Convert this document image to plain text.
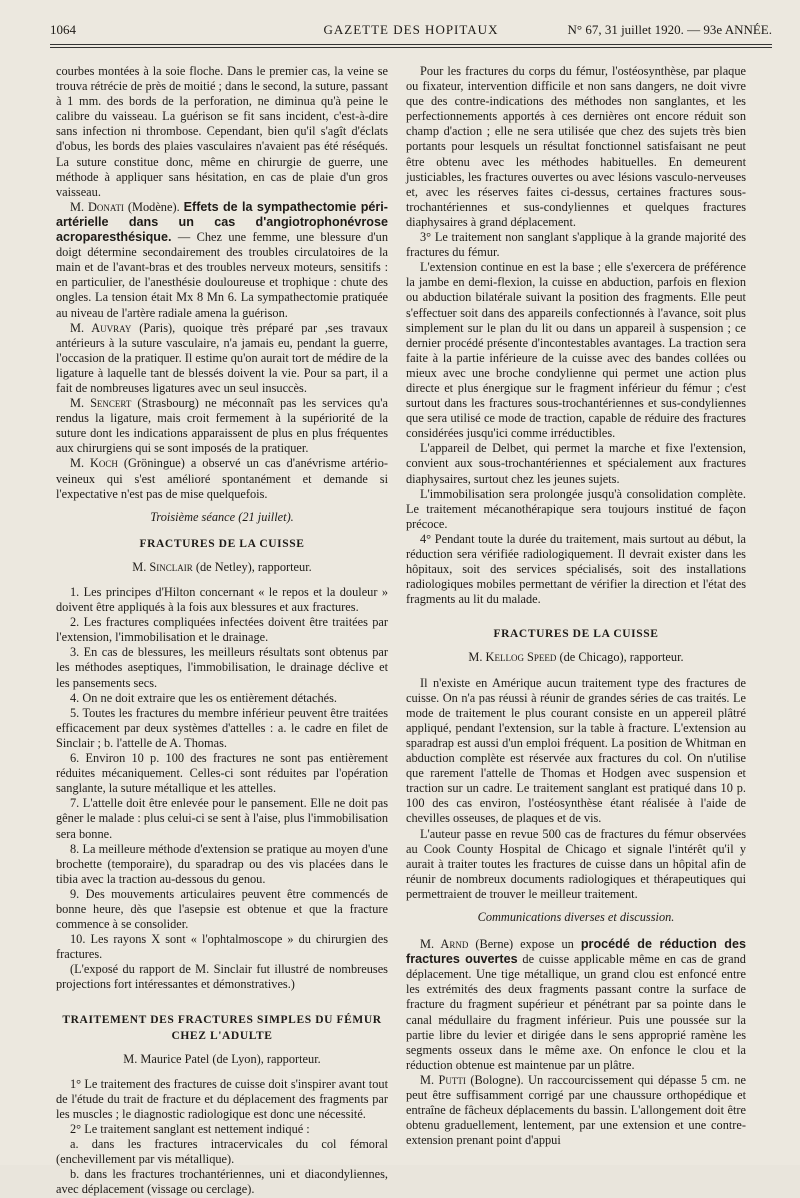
1064	GAZETTE DES HOPITAUX	N° 67, 31 juillet 1920. — 93e ANNÉE.

courbes montées à la soie floche. Dans le premier cas, la veine se trouva rétrécie de près de moitié ; dans le second, la suture, passant à 1 mm. des bords de la perforation, ne diminua qu'à peine le calibre du vaisseau. La guérison se fit sans incident, c'est-à-dire sans infection ni thrombose. Cependant, bien qu'il s'agît d'éclats d'obus, les bords des plaies vasculaires n'avaient pas été réséqués. La suture constitue donc, même en chirurgie de guerre, une méthode à appliquer sans hésitation, en cas de plaie d'un gros vaisseau.

M. Donati (Modène). Effets de la sympathectomie péri-artérielle dans un cas d'angiotrophonévrose acroparesthésique. — Chez une femme, une blessure d'un doigt détermine secondairement des troubles circulatoires de la main et de l'avant-bras et des troubles nerveux moteurs, sensitifs : en particulier, de l'anesthésie douloureuse et trophique : chute des ongles. La tension était Mx 8 Mn 6. La sympathectomie pratiquée au niveau de l'artère radiale amena la guérison.

M. Auvray (Paris), quoique très préparé par ,ses travaux antérieurs à la suture vasculaire, n'a jamais eu, pendant la guerre, l'occasion de la pratiquer. Il estime qu'on aurait tort de médire de la ligature à laquelle tant de blessés doivent la vie. Pour sa part, il a fait de nombreuses ligatures avec un seul insuccès.

M. Sencert (Strasbourg) ne méconnaît pas les services qu'a rendus la ligature, mais croit fermement à la supériorité de la suture dont les indications apparaissent de plus en plus fréquentes aux chirurgiens qui se sont imposés de la pratiquer.

M. Koch (Gröningue) a observé un cas d'anévrisme artério-veineux qui s'est amélioré spontanément et demande si l'expectative n'est pas de mise quelquefois.

Troisième séance (21 juillet).
FRACTURES DE LA CUISSE
M. Sinclair (de Netley), rapporteur.

1. Les principes d'Hilton concernant « le repos et la douleur » doivent être appliqués à la fois aux blessures et aux fractures.

2. Les fractures compliquées infectées doivent être traitées par l'extension, l'immobilisation et le drainage.

3. En cas de blessures, les meilleurs résultats sont obtenus par les méthodes aseptiques, l'immobilisation, le drainage déclive et les pansements secs.

4. On ne doit extraire que les os entièrement détachés.

5. Toutes les fractures du membre inférieur peuvent être traitées efficacement par deux systèmes d'attelles : a. le cadre en filet de Sinclair ; b. l'attelle de A. Thomas.

6. Environ 10 p. 100 des fractures ne sont pas entièrement réduites mécaniquement. Celles-ci sont réduites par l'opération sanglante, la suture métallique et les attelles.

7. L'attelle doit être enlevée pour le pansement. Elle ne doit pas gêner le malade : plus celui-ci se sent à l'aise, plus l'immobilisation sera bonne.

8. La meilleure méthode d'extension se pratique au moyen d'une brochette (temporaire), du sparadrap ou des vis placées dans le tibia avec la traction au-dessous du genou.

9. Des mouvements articulaires peuvent être commencés de bonne heure, dès que l'asepsie est obtenue et que la fracture commence à se consolider.

10. Les rayons X sont « l'ophtalmoscope » du chirurgien des fractures.

(L'exposé du rapport de M. Sinclair fut illustré de nombreuses projections fort intéressantes et démonstratives.)

TRAITEMENT DES FRACTURES SIMPLES DU FÉMUR
CHEZ L'ADULTE
M. Maurice Patel (de Lyon), rapporteur.

1° Le traitement des fractures de cuisse doit s'inspirer avant tout de l'étude du trait de fracture et du déplacement des fragments par les muscles ; le diagnostic radiologique est donc une nécessité.

2° Le traitement sanglant est nettement indiqué :

a. dans les fractures intracervicales du col fémoral (enchevillement par vis métallique).

b. dans les fractures trochantériennes, uni et diacondyliennes, avec déplacement (vissage ou cerclage).

Pour les fractures du corps du fémur, l'ostéosynthèse, par plaque ou fixateur, intervention difficile et non sans dangers, ne doit vivre que des contre-indications des méthodes non sanglantes, et les perfectionnements apportés à ces dernières ont encore réduit son champ d'action ; elle ne sera utilisée que chez des sujets très bien portants pour lesquels un résultat fonctionnel satisfaisant ne peut être obtenu avec les méthodes habituelles. En demeurent justiciables, les fractures ouvertes ou avec lésions vasculo-nerveuses et, avec les réserves faites ci-dessus, certaines fractures sous-trochantériennes et sus-condyliennes et quelques fractures diaphysaires à grand déplacement.

3° Le traitement non sanglant s'applique à la grande majorité des fractures du fémur.

L'extension continue en est la base ; elle s'exercera de préférence la jambe en demi-flexion, la cuisse en abduction, parfois en flexion ou abduction bilatérale suivant la position des fragments. Elle peut s'effectuer soit dans des appareils confectionnés à l'avance, soit plus simplement sur le plan du lit ou dans un appareil à suspension ; ce dernier procédé présente d'incontestables avantages. La traction sera faite à la partie inférieure de la cuisse avec des bandes collées ou mieux avec une broche condylienne qui permet une action plus directe et plus énergique sur le fragment inférieur du fémur ; c'est surtout dans les fractures sous-trochantériennes et sus-condyliennes que sera utilisé ce mode de traction, capable de réduire des fractures considérées jusqu'ici comme irréductibles.

L'appareil de Delbet, qui permet la marche et fixe l'extension, convient aux sous-trochantériennes et spécialement aux fractures diaphysaires, surtout chez les jeunes sujets.

L'immobilisation sera prolongée jusqu'à consolidation complète. Le traitement mécanothérapique sera toujours institué de façon précoce.

4° Pendant toute la durée du traitement, mais surtout au début, la réduction sera vérifiée radiologiquement. Il devrait exister dans les hôpitaux, soit des services spécialisés, soit des installations radiologiques mobiles permettant de vérifier la direction et l'état des fragments au lit du malade.

FRACTURES DE LA CUISSE
M. Kellog Speed (de Chicago), rapporteur.

Il n'existe en Amérique aucun traitement type des fractures de cuisse. On n'a pas réussi à réunir de grandes séries de cas traités. Le mode de traitement le plus courant consiste en un appereil plâtré appliqué, pendant l'extension, sur la table à fracture. L'extension au sparadrap est aussi d'un emploi fréquent. La position de Whitman en abduction complète est réservée aux fractures du col. On n'utilise que rarement l'attelle de Thomas et Hodgen avec suspension et traction sur un cadre. Le traitement sanglant est pratiqué dans 10 p. 100 des cas environ, l'ostéosynthèse étant réalisée à l'aide de chevilles osseuses, de plaques et de vis.

L'auteur passe en revue 500 cas de fractures du fémur observées au Cook County Hospital de Chicago et signale l'intérêt qu'il y aurait à traiter toutes les fractures de cuisse dans un hôpital afin de réunir de nombreux documents radiologiques et thérapeutiques qui permettraient de trouver le meilleur traitement.

Communications diverses et discussion.

M. Arnd (Berne) expose un procédé de réduction des fractures ouvertes de cuisse applicable même en cas de grand déplacement. Une tige métallique, un grand clou est enfoncé entre les extrémités des deux fragments passant contre la surface de fracture du fragment supérieur et pénétrant par sa pointe dans le canal médullaire du fragment inférieur. Puis une poussée sur la partie libre du levier et dirigée dans le sens approprié ramène les segments osseux dans le même axe. On enfonce le clou et la réduction obtenue est maintenue par un plâtre.

M. Putti (Bologne). Un raccourcissement qui dépasse 5 cm. ne peut être suffisamment corrigé par une chaussure orthopédique et entraîne de fâcheux déplacements du bassin. L'allongement doit être obtenu graduellement, lentement, par une extension et une contre-extension prenant point d'appui
